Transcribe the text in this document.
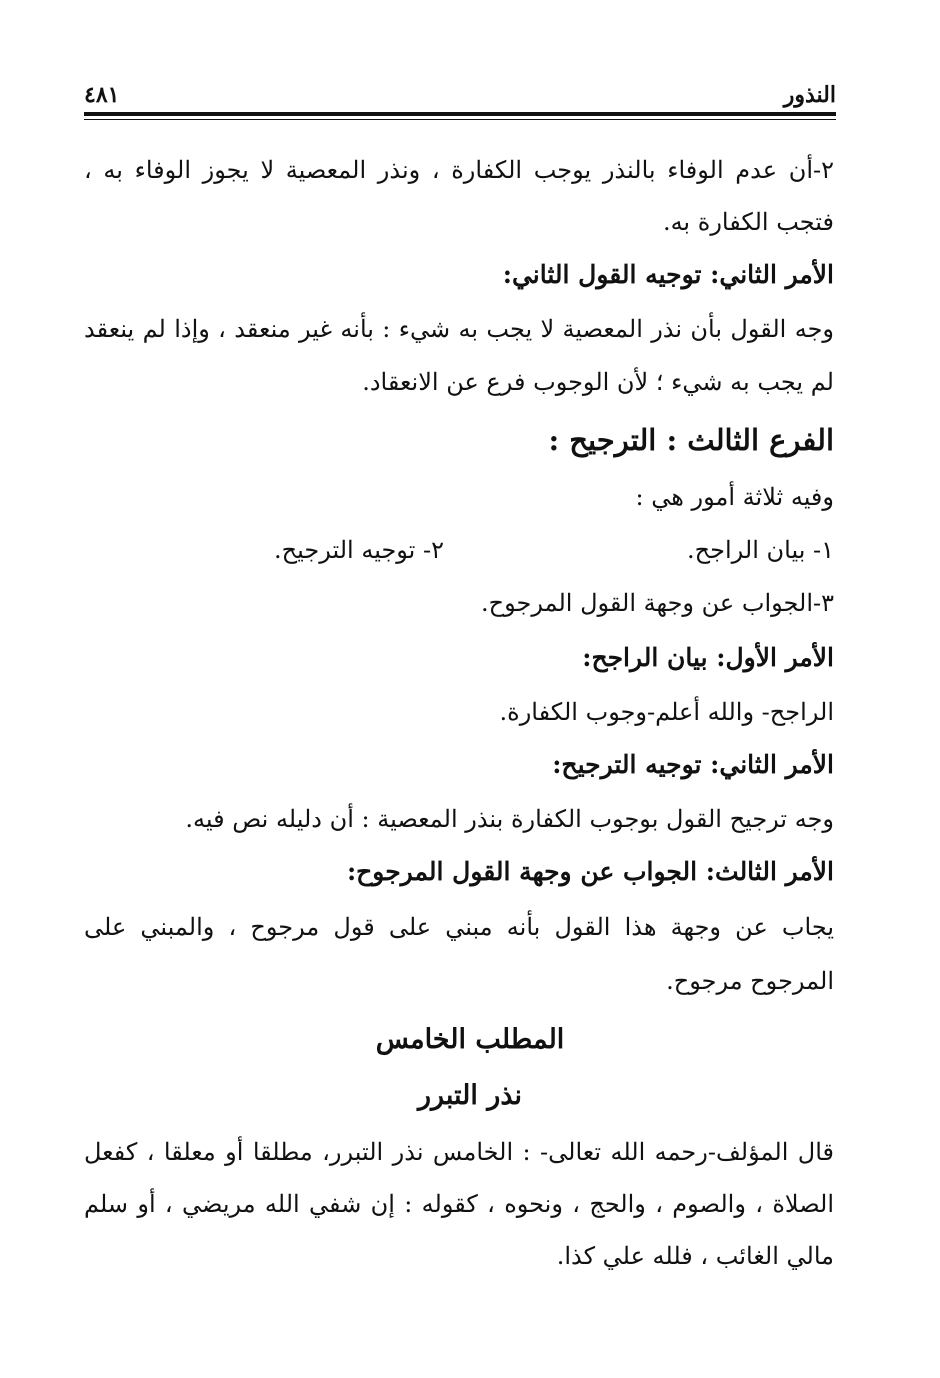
النذور
٤٨١
٢-أن عدم الوفاء بالنذر يوجب الكفارة ، ونذر المعصية لا يجوز الوفاء به ،
فتجب الكفارة به.
الأمر الثاني: توجيه القول الثاني:
وجه القول بأن نذر المعصية لا يجب به شيء : بأنه غير منعقد ، وإذا لم ينعقد
لم يجب به شيء ؛ لأن الوجوب فرع عن الانعقاد.
الفرع الثالث : الترجيح :
وفيه ثلاثة أمور هي :
١- بيان الراجح.
٢- توجيه الترجيح.
٣-الجواب عن وجهة القول المرجوح.
الأمر الأول: بيان الراجح:
الراجح- والله أعلم-وجوب الكفارة.
الأمر الثاني: توجيه الترجيح:
وجه ترجيح القول بوجوب الكفارة بنذر المعصية : أن دليله نص فيه.
الأمر الثالث: الجواب عن وجهة القول المرجوح:
يجاب عن وجهة هذا القول بأنه مبني على قول مرجوح ، والمبني على
المرجوح مرجوح.
المطلب الخامس
نذر التبرر
قال المؤلف-رحمه الله تعالى- : الخامس نذر التبرر، مطلقا أو معلقا ، كفعل
الصلاة ، والصوم ، والحج ، ونحوه ، كقوله : إن شفي الله مريضي ، أو سلم
مالي الغائب ، فلله علي كذا.
